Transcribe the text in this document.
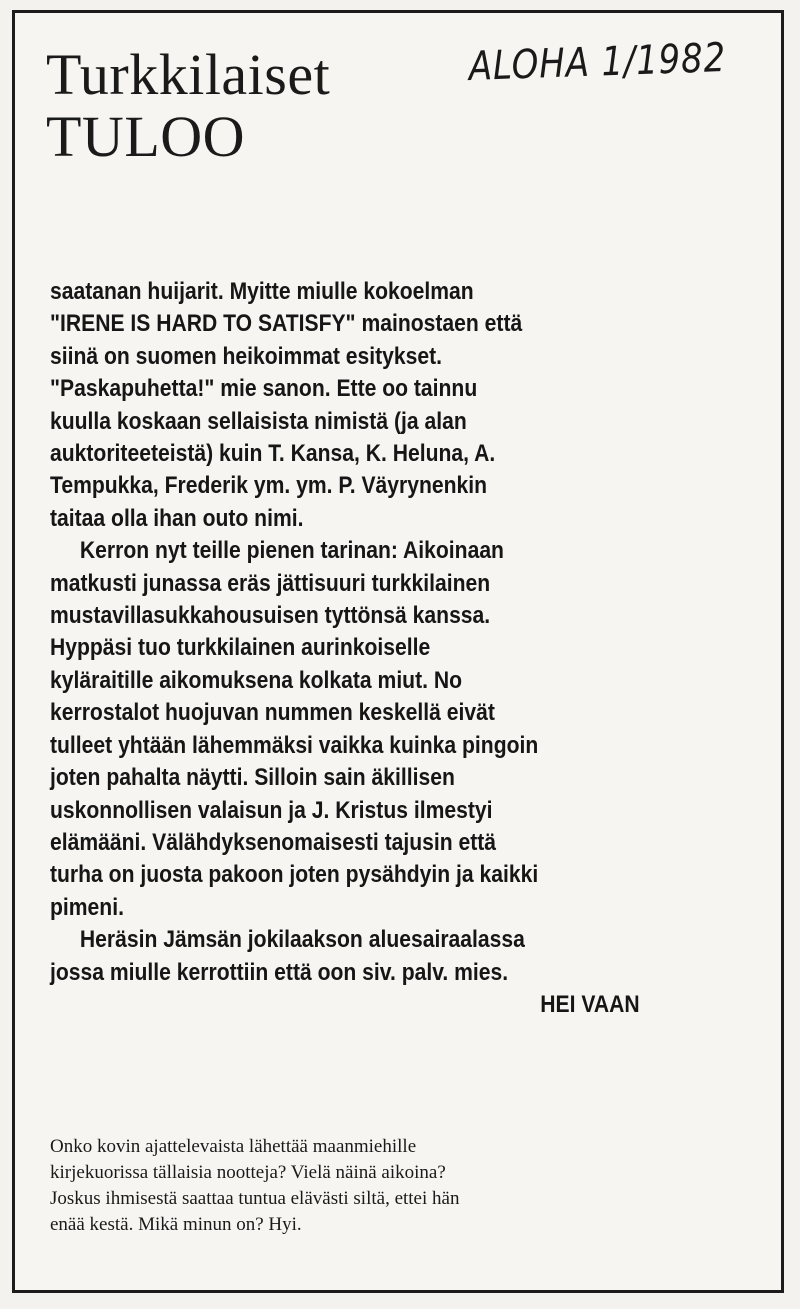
Turkkilaiset
TULOO
ALOHA 1/1982
saatanan huijarit. Myitte miulle kokoelman
"IRENE IS HARD TO SATISFY" mainostaen että
siinä on suomen heikoimmat esitykset.
"Paskapuhetta!" mie sanon. Ette oo tainnu
kuulla koskaan sellaisista nimistä (ja alan
auktoriteeteistä) kuin T. Kansa, K. Heluna, A.
Tempukka, Frederik ym. ym. P. Väyrynenkin
taitaa olla ihan outo nimi.
Kerron nyt teille pienen tarinan: Aikoinaan
matkusti junassa eräs jättisuuri turkkilainen
mustavillasukkahousuisen tyttönsä kanssa.
Hyppäsi tuo turkkilainen aurinkoiselle
kyläraitille aikomuksena kolkata miut. No
kerrostalot huojuvan nummen keskellä eivät
tulleet yhtään lähemmäksi vaikka kuinka pingoin
joten pahalta näytti. Silloin sain äkillisen
uskonnollisen valaisun ja J. Kristus ilmestyi
elämääni. Välähdyksenomaisesti tajusin että
turha on juosta pakoon joten pysähdyin ja kaikki
pimeni.
Heräsin Jämsän jokilaakson aluesairaalassa
jossa miulle kerrottiin että oon siv. palv. mies.
HEI VAAN
Onko kovin ajattelevaista lähettää maanmiehille
kirjekuorissa tällaisia nootteja? Vielä näinä aikoina?
Joskus ihmisestä saattaa tuntua elävästi siltä, ettei hän
enää kestä. Mikä minun on? Hyi.
